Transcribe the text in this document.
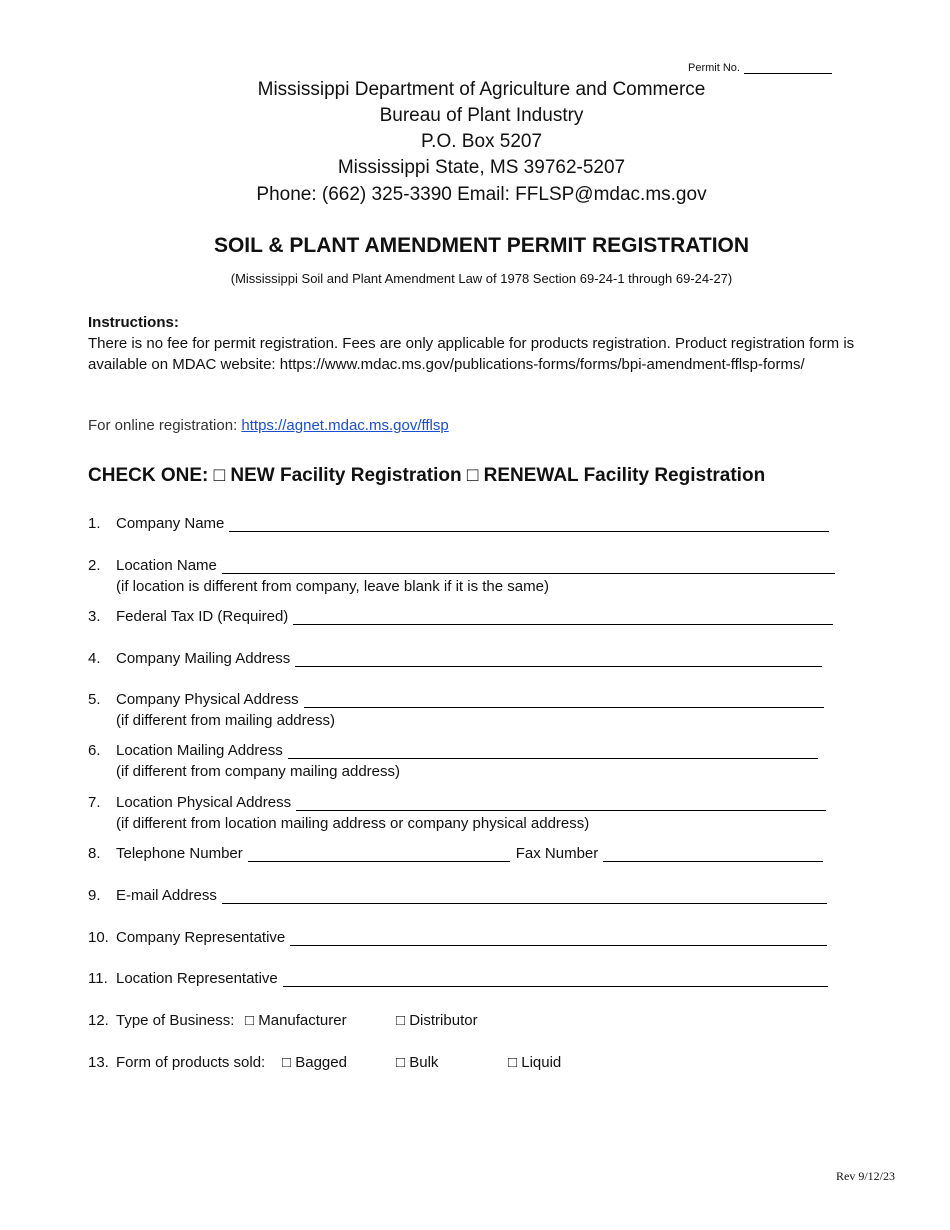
Permit No.
Mississippi Department of Agriculture and Commerce
Bureau of Plant Industry
P.O. Box 5207
Mississippi State, MS 39762-5207
Phone: (662) 325-3390 Email: FFLSP@mdac.ms.gov
SOIL & PLANT AMENDMENT PERMIT REGISTRATION
(Mississippi Soil and Plant Amendment Law of 1978 Section 69-24-1 through 69-24-27)
Instructions:
There is no fee for permit registration. Fees are only applicable for products registration. Product registration form is available on MDAC website: https://www.mdac.ms.gov/publications-forms/forms/bpi-amendment-fflsp-forms/
For online registration: https://agnet.mdac.ms.gov/fflsp
CHECK ONE: □ NEW Facility Registration □ RENEWAL Facility Registration
1. Company Name
2. Location Name
(if location is different from company, leave blank if it is the same)
3. Federal Tax ID (Required)
4. Company Mailing Address
5. Company Physical Address
(if different from mailing address)
6. Location Mailing Address
(if different from company mailing address)
7. Location Physical Address
(if different from location mailing address or company physical address)
8. Telephone Number	Fax Number
9. E-mail Address
10. Company Representative
11. Location Representative
12. Type of Business: □ Manufacturer	□ Distributor
13. Form of products sold: □ Bagged	□ Bulk	□ Liquid
Rev 9/12/23
